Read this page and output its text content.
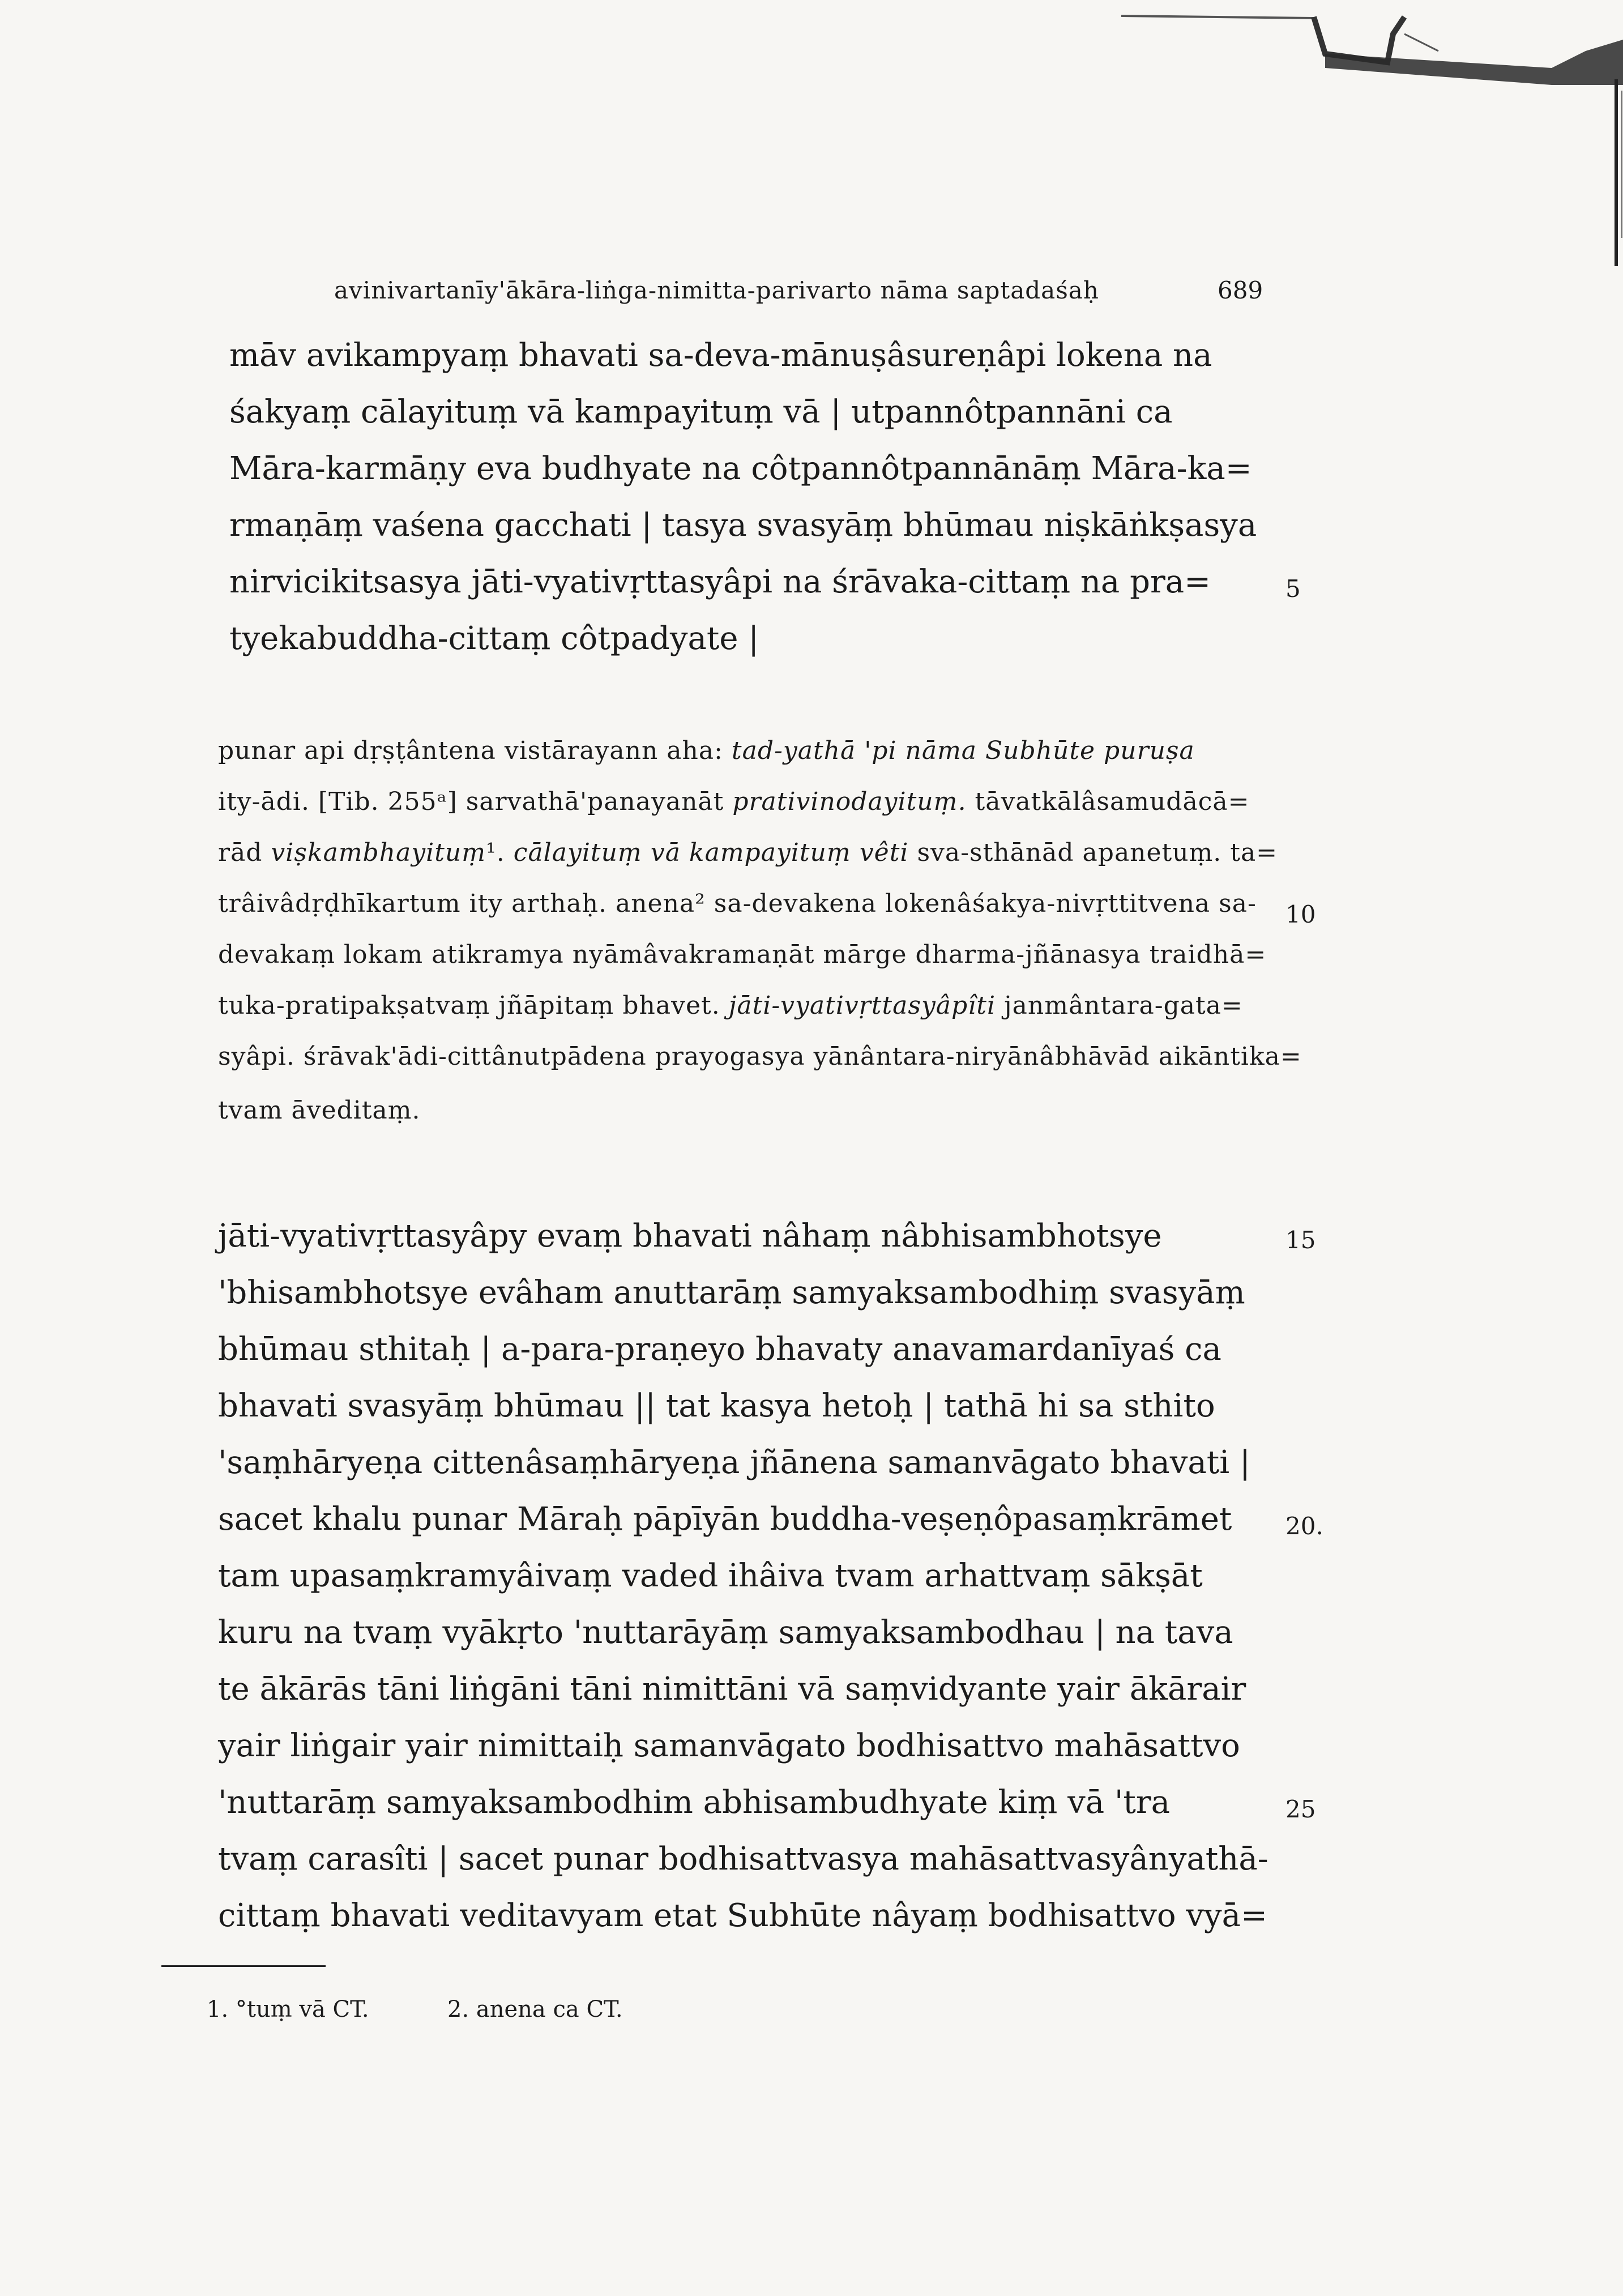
avinivartanīy'ākāra-liṅga-nimitta-parivarto nāma saptadaśaḥ	689
māv avikampyaṃ bhavati sa-deva-mānuṣâsureṇâpi lokena na
śakyaṃ cālayituṃ vā kampayituṃ vā | utpannôtpannāni ca
Māra-karmāṇy eva budhyate na côtpannôtpannānāṃ Māra-ka=
rmaṇāṃ vaśena gacchati | tasya svasyāṃ bhūmau niṣkāṅkṣasya
nirvicikitsasya jāti-vyativṛttasyâpi na śrāvaka-cittaṃ na pra=
tyekabuddha-cittaṃ côtpadyate |
punar api dṛṣṭântena vistārayann aha: tad-yathā 'pi nāma Subhūte puruṣa
ity-ādi. [Tib. 255ᵃ] sarvathā'panayanāt prativinodayituṃ. tāvatkālâsamudācā=
rād viṣkambhayituṃ¹. cālayituṃ vā kampayituṃ vêti sva-sthānād apanetuṃ. ta=
trâivâdṛḍhīkartum ity arthaḥ. anena² sa-devakena lokenâśakya-nivṛttitvena sa-
devakaṃ lokam atikramya nyāmâvakramaṇāt mārge dharma-jñānasya traidhā=
tuka-pratipakṣatvaṃ jñāpitaṃ bhavet. jāti-vyativṛttasyâpîti janmântara-gata=
syâpi. śrāvak'ādi-cittânutpādena prayogasya yānântara-niryānâbhāvād aikāntika=
tvam āveditaṃ.
jāti-vyativṛttasyâpy evaṃ bhavati nâhaṃ nâbhisambhotsye
'bhisambhotsye evâham anuttarāṃ samyaksambodhiṃ svasyāṃ
bhūmau sthitaḥ | a-para-praṇeyo bhavaty anavamardanīyaś ca
bhavati svasyāṃ bhūmau || tat kasya hetoḥ | tathā hi sa sthito
'saṃhāryeṇa cittenâsaṃhāryeṇa jñānena samanvāgato bhavati |
sacet khalu punar Māraḥ pāpīyān buddha-veṣeṇôpasaṃkrāmet
tam upasaṃkramyâivaṃ vaded ihâiva tvam arhattvaṃ sākṣāt
kuru na tvaṃ vyākṛto 'nuttarāyāṃ samyaksambodhau | na tava
te ākārās tāni liṅgāni tāni nimittāni vā saṃvidyante yair ākārair
yair liṅgair yair nimittaiḥ samanvāgato bodhisattvo mahāsattvo
'nuttarāṃ samyaksambodhim abhisambudhyate kiṃ vā 'tra
tvaṃ carasîti | sacet punar bodhisattvasya mahāsattvasyânyathā-
cittaṃ bhavati veditavyam etat Subhūte nâyaṃ bodhisattvo vyā=
5
10
15
20.
25
1. °tuṃ vā CT.	2. anena ca CT.
